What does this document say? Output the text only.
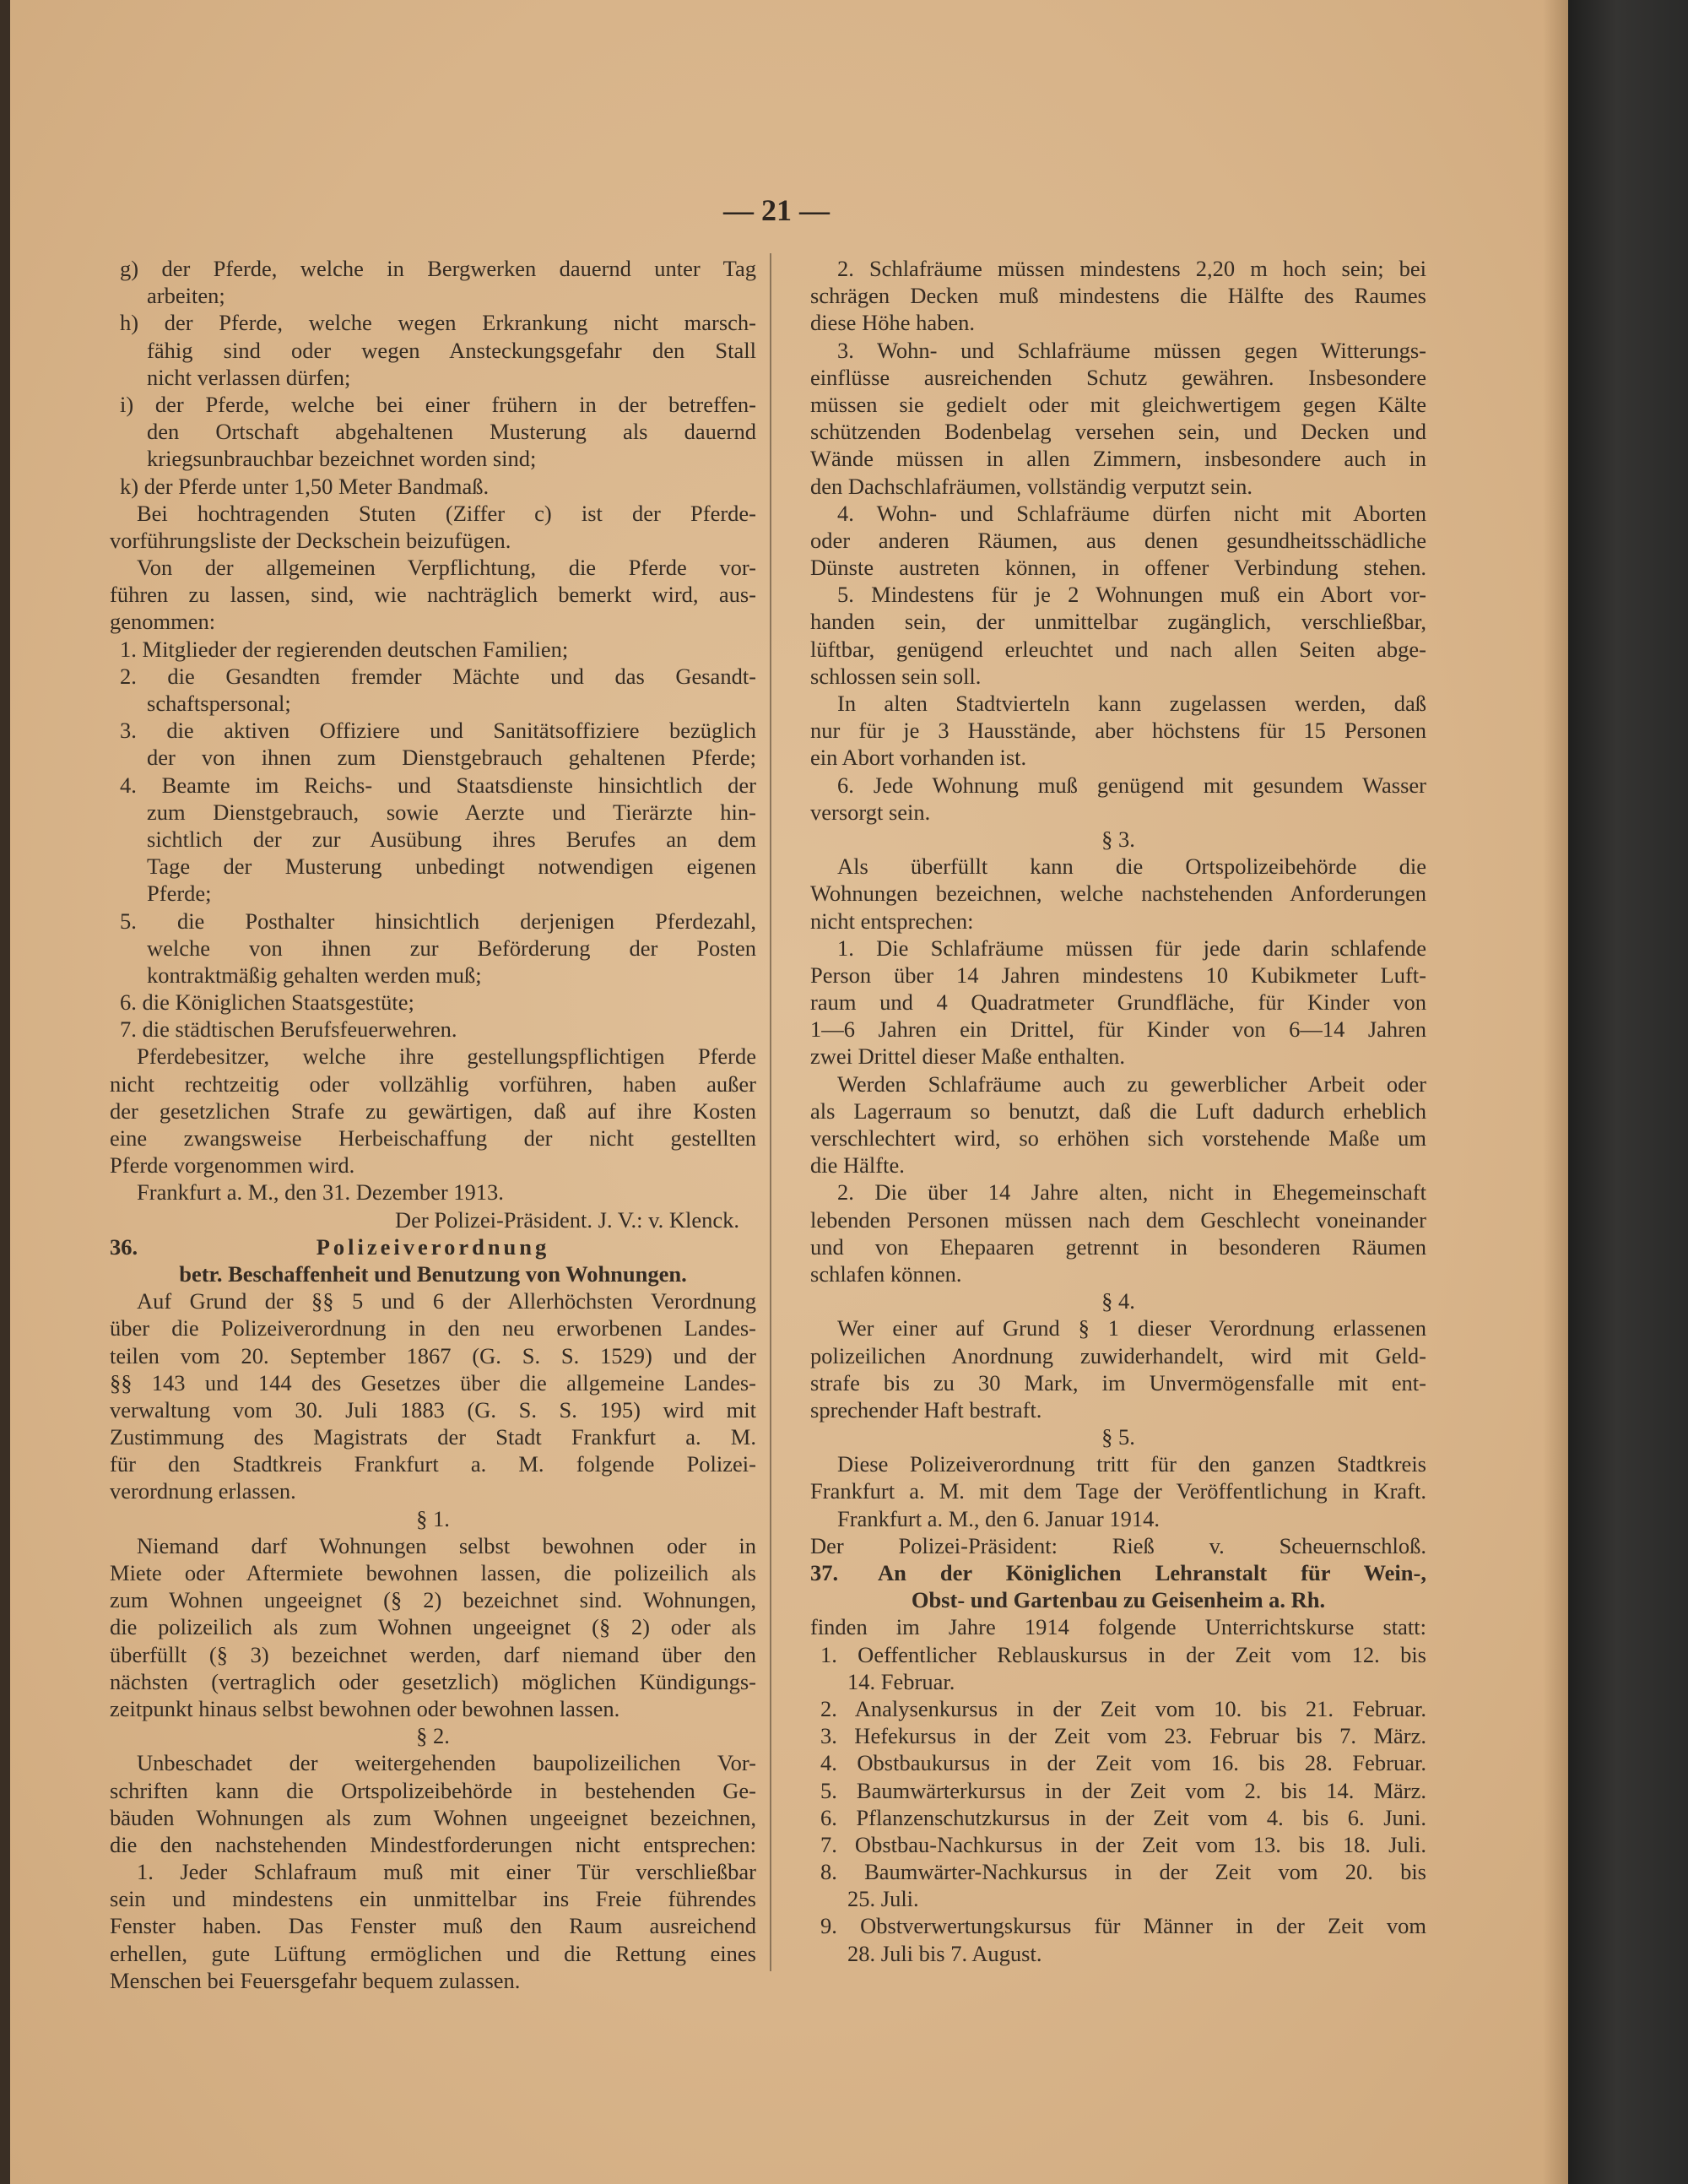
— 21 —
g) der Pferde, welche in Bergwerken dauernd unter Tag
arbeiten;
h) der Pferde, welche wegen Erkrankung nicht marsch-
fähig sind oder wegen Ansteckungsgefahr den Stall
nicht verlassen dürfen;
i) der Pferde, welche bei einer frühern in der betreffen-
den Ortschaft abgehaltenen Musterung als dauernd
kriegsunbrauchbar bezeichnet worden sind;
k) der Pferde unter 1,50 Meter Bandmaß.
Bei hochtragenden Stuten (Ziffer c) ist der Pferde-
vorführungsliste der Deckschein beizufügen.
Von der allgemeinen Verpflichtung, die Pferde vor-
führen zu lassen, sind, wie nachträglich bemerkt wird, aus-
genommen:
1. Mitglieder der regierenden deutschen Familien;
2. die Gesandten fremder Mächte und das Gesandt-
schaftspersonal;
3. die aktiven Offiziere und Sanitätsoffiziere bezüglich
der von ihnen zum Dienstgebrauch gehaltenen Pferde;
4. Beamte im Reichs- und Staatsdienste hinsichtlich der
zum Dienstgebrauch, sowie Aerzte und Tierärzte hin-
sichtlich der zur Ausübung ihres Berufes an dem
Tage der Musterung unbedingt notwendigen eigenen
Pferde;
5. die Posthalter hinsichtlich derjenigen Pferdezahl,
welche von ihnen zur Beförderung der Posten
kontraktmäßig gehalten werden muß;
6. die Königlichen Staatsgestüte;
7. die städtischen Berufsfeuerwehren.
Pferdebesitzer, welche ihre gestellungspflichtigen Pferde
nicht rechtzeitig oder vollzählig vorführen, haben außer
der gesetzlichen Strafe zu gewärtigen, daß auf ihre Kosten
eine zwangsweise Herbeischaffung der nicht gestellten
Pferde vorgenommen wird.
Frankfurt a. M., den 31. Dezember 1913.
Der Polizei-Präsident. J. V.: v. Klenck.
36.	Polizeiverordnung
betr. Beschaffenheit und Benutzung von Wohnungen.
Auf Grund der §§ 5 und 6 der Allerhöchsten Verordnung
über die Polizeiverordnung in den neu erworbenen Landes-
teilen vom 20. September 1867 (G. S. S. 1529) und der
§§ 143 und 144 des Gesetzes über die allgemeine Landes-
verwaltung vom 30. Juli 1883 (G. S. S. 195) wird mit
Zustimmung des Magistrats der Stadt Frankfurt a. M.
für den Stadtkreis Frankfurt a. M. folgende Polizei-
verordnung erlassen.
§ 1.
Niemand darf Wohnungen selbst bewohnen oder in
Miete oder Aftermiete bewohnen lassen, die polizeilich als
zum Wohnen ungeeignet (§ 2) bezeichnet sind. Wohnungen,
die polizeilich als zum Wohnen ungeeignet (§ 2) oder als
überfüllt (§ 3) bezeichnet werden, darf niemand über den
nächsten (vertraglich oder gesetzlich) möglichen Kündigungs-
zeitpunkt hinaus selbst bewohnen oder bewohnen lassen.
§ 2.
Unbeschadet der weitergehenden baupolizeilichen Vor-
schriften kann die Ortspolizeibehörde in bestehenden Ge-
bäuden Wohnungen als zum Wohnen ungeeignet bezeichnen,
die den nachstehenden Mindestforderungen nicht entsprechen:
1. Jeder Schlafraum muß mit einer Tür verschließbar
sein und mindestens ein unmittelbar ins Freie führendes
Fenster haben. Das Fenster muß den Raum ausreichend
erhellen, gute Lüftung ermöglichen und die Rettung eines
Menschen bei Feuersgefahr bequem zulassen.
2. Schlafräume müssen mindestens 2,20 m hoch sein; bei
schrägen Decken muß mindestens die Hälfte des Raumes
diese Höhe haben.
3. Wohn- und Schlafräume müssen gegen Witterungs-
einflüsse ausreichenden Schutz gewähren. Insbesondere
müssen sie gedielt oder mit gleichwertigem gegen Kälte
schützenden Bodenbelag versehen sein, und Decken und
Wände müssen in allen Zimmern, insbesondere auch in
den Dachschlafräumen, vollständig verputzt sein.
4. Wohn- und Schlafräume dürfen nicht mit Aborten
oder anderen Räumen, aus denen gesundheitsschädliche
Dünste austreten können, in offener Verbindung stehen.
5. Mindestens für je 2 Wohnungen muß ein Abort vor-
handen sein, der unmittelbar zugänglich, verschließbar,
lüftbar, genügend erleuchtet und nach allen Seiten abge-
schlossen sein soll.
In alten Stadtvierteln kann zugelassen werden, daß
nur für je 3 Hausstände, aber höchstens für 15 Personen
ein Abort vorhanden ist.
6. Jede Wohnung muß genügend mit gesundem Wasser
versorgt sein.
§ 3.
Als überfüllt kann die Ortspolizeibehörde die
Wohnungen bezeichnen, welche nachstehenden Anforderungen
nicht entsprechen:
1. Die Schlafräume müssen für jede darin schlafende
Person über 14 Jahren mindestens 10 Kubikmeter Luft-
raum und 4 Quadratmeter Grundfläche, für Kinder von
1—6 Jahren ein Drittel, für Kinder von 6—14 Jahren
zwei Drittel dieser Maße enthalten.
Werden Schlafräume auch zu gewerblicher Arbeit oder
als Lagerraum so benutzt, daß die Luft dadurch erheblich
verschlechtert wird, so erhöhen sich vorstehende Maße um
die Hälfte.
2. Die über 14 Jahre alten, nicht in Ehegemeinschaft
lebenden Personen müssen nach dem Geschlecht voneinander
und von Ehepaaren getrennt in besonderen Räumen
schlafen können.
§ 4.
Wer einer auf Grund § 1 dieser Verordnung erlassenen
polizeilichen Anordnung zuwiderhandelt, wird mit Geld-
strafe bis zu 30 Mark, im Unvermögensfalle mit ent-
sprechender Haft bestraft.
§ 5.
Diese Polizeiverordnung tritt für den ganzen Stadtkreis
Frankfurt a. M. mit dem Tage der Veröffentlichung in Kraft.
Frankfurt a. M., den 6. Januar 1914.
Der Polizei-Präsident: Rieß v. Scheuernschloß.
37. An der Königlichen Lehranstalt für Wein-,
Obst- und Gartenbau zu Geisenheim a. Rh.
finden im Jahre 1914 folgende Unterrichtskurse statt:
1. Oeffentlicher Reblauskursus in der Zeit vom 12. bis
14. Februar.
2. Analysenkursus in der Zeit vom 10. bis 21. Februar.
3. Hefekursus in der Zeit vom 23. Februar bis 7. März.
4. Obstbaukursus in der Zeit vom 16. bis 28. Februar.
5. Baumwärterkursus in der Zeit vom 2. bis 14. März.
6. Pflanzenschutzkursus in der Zeit vom 4. bis 6. Juni.
7. Obstbau-Nachkursus in der Zeit vom 13. bis 18. Juli.
8. Baumwärter-Nachkursus in der Zeit vom 20. bis
25. Juli.
9. Obstverwertungskursus für Männer in der Zeit vom
28. Juli bis 7. August.
